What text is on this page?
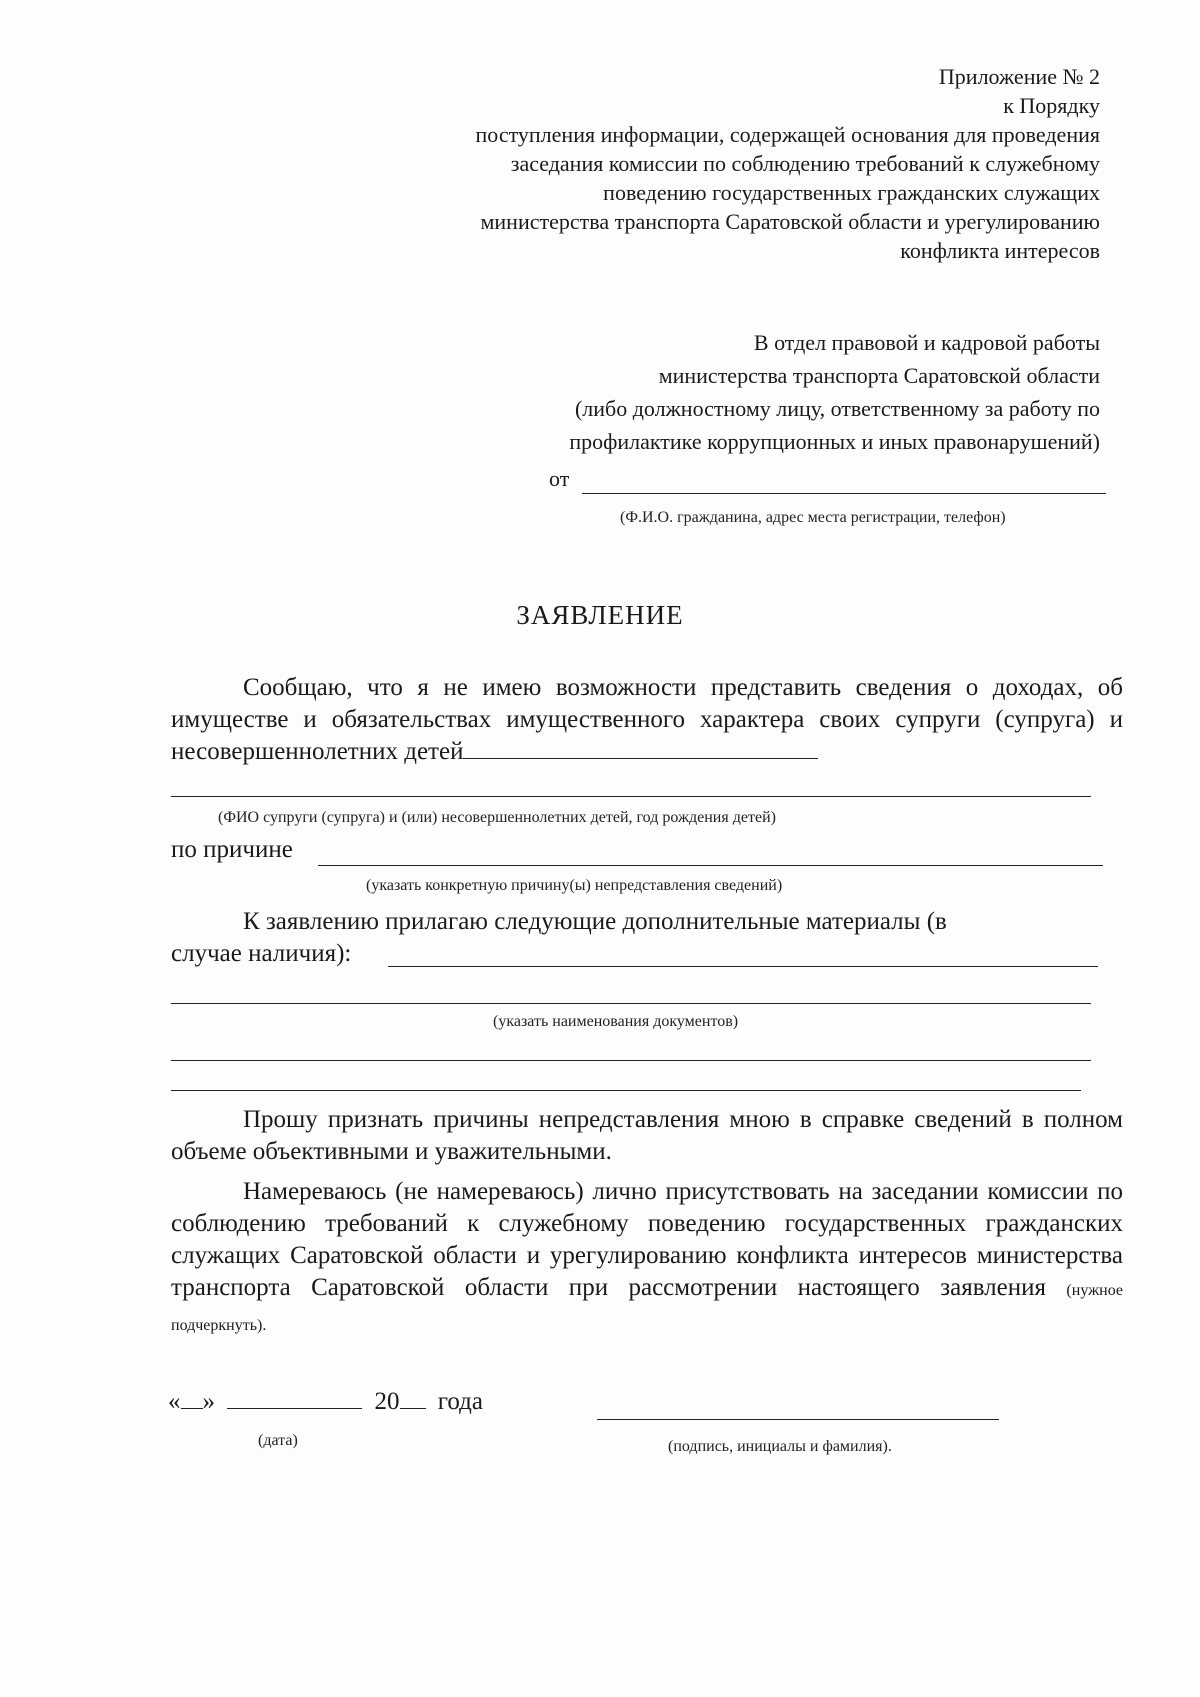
Приложение № 2
к Порядку
поступления информации, содержащей основания для проведения
заседания комиссии по соблюдению требований к служебному
поведению государственных гражданских служащих
министерства транспорта Саратовской области и урегулированию
конфликта интересов
В отдел правовой и кадровой работы
министерства транспорта Саратовской области
(либо должностному лицу, ответственному за работу по
профилактике коррупционных и иных правонарушений)
от
(Ф.И.О. гражданина, адрес места регистрации, телефон)
ЗАЯВЛЕНИЕ
Сообщаю, что я не имею возможности представить сведения о доходах, об имуществе и обязательствах имущественного характера своих супруги (супруга) и несовершеннолетних детей
(ФИО супруги (супруга) и (или) несовершеннолетних детей, год рождения детей)
по причине
(указать конкретную причину(ы) непредставления сведений)
К заявлению прилагаю следующие дополнительные материалы (в
случае наличия):
(указать наименования документов)
Прошу признать причины непредставления мною в справке сведений в полном объеме объективными и уважительными.
Намереваюсь (не намереваюсь) лично присутствовать на заседании комиссии по соблюдению требований к служебному поведению государственных гражданских служащих Саратовской области и урегулированию конфликта интересов министерства транспорта Саратовской области при рассмотрении настоящего заявления (нужное подчеркнуть).
« »	20 года
(дата)	(подпись, инициалы и фамилия).
